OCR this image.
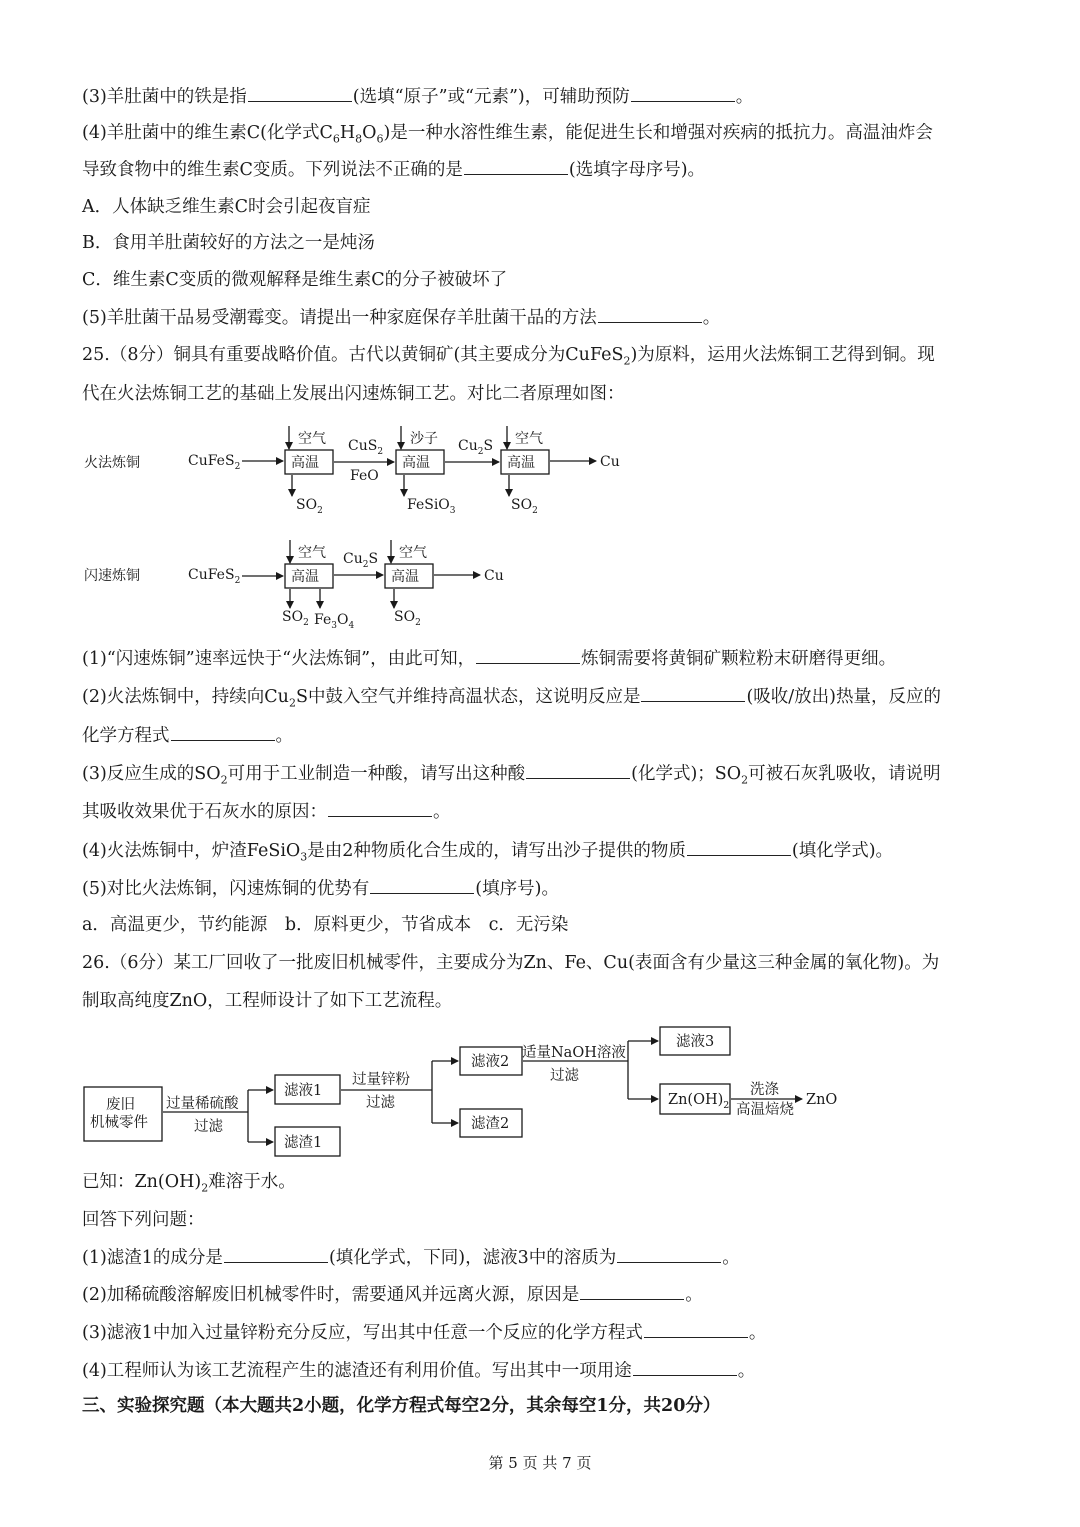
(3)羊肚菌中的铁是指	(选填“原子”或“元素”)，可辅助预防	。
(4)羊肚菌中的维生素C(化学式$C_6H_8O_6$)是一种水溶性维生素，能促进生长和增强对疾病的抵抗力。高温油炸会
导致食物中的维生素C变质。下列说法不正确的是	(选填字母序号)。
A．人体缺乏维生素C时会引起夜盲症
B．食用羊肚菌较好的方法之一是炖汤
C．维生素C变质的微观解释是维生素C的分子被破坏了
(5)羊肚菌干品易受潮霉变。请提出一种家庭保存羊肚菌干品的方法	。
25.（8分）铜具有重要战略价值。古代以黄铜矿(其主要成分为CuFeS$_2$)为原料，运用火法炼铜工艺得到铜。现
代在火法炼铜工艺的基础上发展出闪速炼铜工艺。对比二者原理如图：
火法炼铜	CuFeS$_2$	高温
空气 CuS$_2$
FeO
$SO_2$
高温
沙子 $Cu_2S$
FeSiO$_3$
高温
空气
$SO_2$
Cu
闪速炼铜	CuFeS$_2$	高温
空气 $Cu_2S$
$SO_2$ $Fe_3O_4$
高温
空气
$SO_2$
Cu
(1)“闪速炼铜”速率远快于“火法炼铜”，由此可知，	炼铜需要将黄铜矿颗粒粉末研磨得更细。
(2)火法炼铜中，持续向$Cu_2S$中鼓入空气并维持高温状态，这说明反应是	(吸收/放出)热量，反应的
化学方程式	。
(3)反应生成的$SO_2$可用于工业制造一种酸，请写出这种酸	(化学式)；$SO_2$可被石灰乳吸收，请说明
其吸收效果优于石灰水的原因：	。
(4)火法炼铜中，炉渣FeSiO$_3$是由2种物质化合生成的，请写出沙子提供的物质	(填化学式)。
(5)对比火法炼铜，闪速炼铜的优势有	(填序号)。
a．高温更少，节约能源　b．原料更少，节省成本　c．无污染
26.（6分）某工厂回收了一批废旧机械零件，主要成分为Zn、Fe、Cu(表面含有少量这三种金属的氧化物)。为
制取高纯度ZnO，工程师设计了如下工艺流程。
废旧
机械零件
过量稀硫酸
过滤
滤液1
滤渣1
过量锌粉
过滤
滤液2
滤渣2
适量NaOH溶液
过滤
滤液3
$Zn(OH)_2$
洗涤
高温焙烧
ZnO
已知：$Zn(OH)_2$难溶于水。
回答下列问题：
(1)滤渣1的成分是	(填化学式，下同)，滤液3中的溶质为	。
(2)加稀硫酸溶解废旧机械零件时，需要通风并远离火源，原因是	。
(3)滤液1中加入过量锌粉充分反应，写出其中任意一个反应的化学方程式	。
(4)工程师认为该工艺流程产生的滤渣还有利用价值。写出其中一项用途	。
三、实验探究题（本大题共2小题，化学方程式每空2分，其余每空1分，共20分）
第 5 页 共 7 页
